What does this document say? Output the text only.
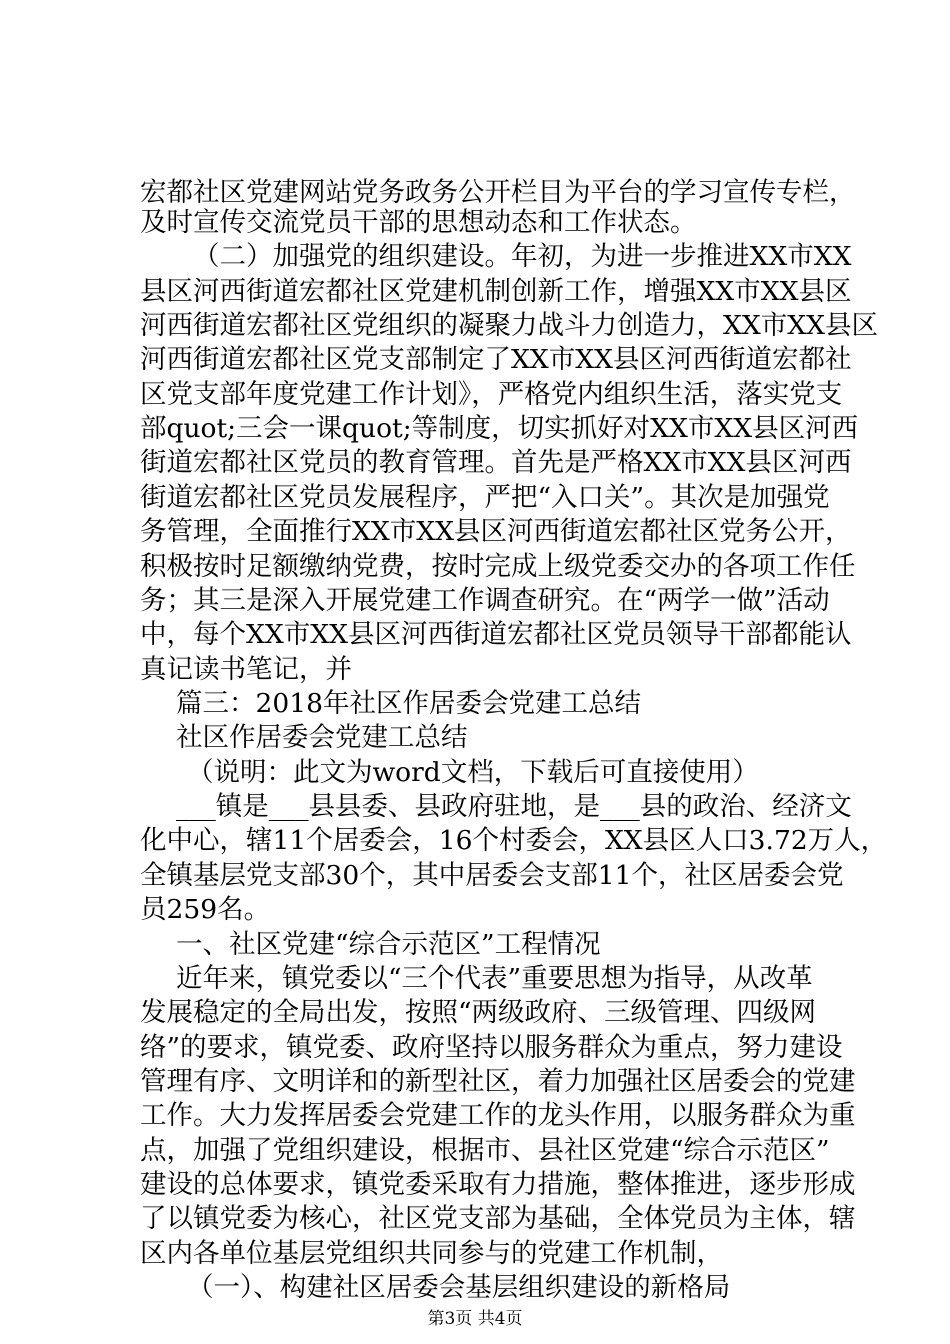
宏都社区党建网站党务政务公开栏目为平台的学习宣传专栏，
及时宣传交流党员干部的思想动态和工作状态。
（二）加强党的组织建设。年初，为进一步推进XX市XX
县区河西街道宏都社区党建机制创新工作，增强XX市XX县区
河西街道宏都社区党组织的凝聚力战斗力创造力，XX市XX县区
河西街道宏都社区党支部制定了XX市XX县区河西街道宏都社
区党支部年度党建工作计划》，严格党内组织生活，落实党支
部quot;三会一课quot;等制度，切实抓好对XX市XX县区河西
街道宏都社区党员的教育管理。首先是严格XX市XX县区河西
街道宏都社区党员发展程序，严把“入口关”。其次是加强党
务管理，全面推行XX市XX县区河西街道宏都社区党务公开，
积极按时足额缴纳党费，按时完成上级党委交办的各项工作任
务；其三是深入开展党建工作调查研究。在“两学一做”活动
中，每个XX市XX县区河西街道宏都社区党员领导干部都能认
真记读书笔记，并
篇三：2018年社区作居委会党建工总结
社区作居委会党建工总结
（说明：此文为word文档，下载后可直接使用）
___镇是___县县委、县政府驻地，是___县的政治、经济文
化中心，辖11个居委会，16个村委会，XX县区人口3.72万人，
全镇基层党支部30个，其中居委会支部11个，社区居委会党
员259名。
一、社区党建“综合示范区”工程情况
近年来，镇党委以“三个代表”重要思想为指导，从改革
发展稳定的全局出发，按照“两级政府、三级管理、四级网
络”的要求，镇党委、政府坚持以服务群众为重点，努力建设
管理有序、文明详和的新型社区，着力加强社区居委会的党建
工作。大力发挥居委会党建工作的龙头作用，以服务群众为重
点，加强了党组织建设，根据市、县社区党建“综合示范区”
建设的总体要求，镇党委采取有力措施，整体推进，逐步形成
了以镇党委为核心，社区党支部为基础，全体党员为主体，辖
区内各单位基层党组织共同参与的党建工作机制，
（一）、构建社区居委会基层组织建设的新格局
第3页 共4页
